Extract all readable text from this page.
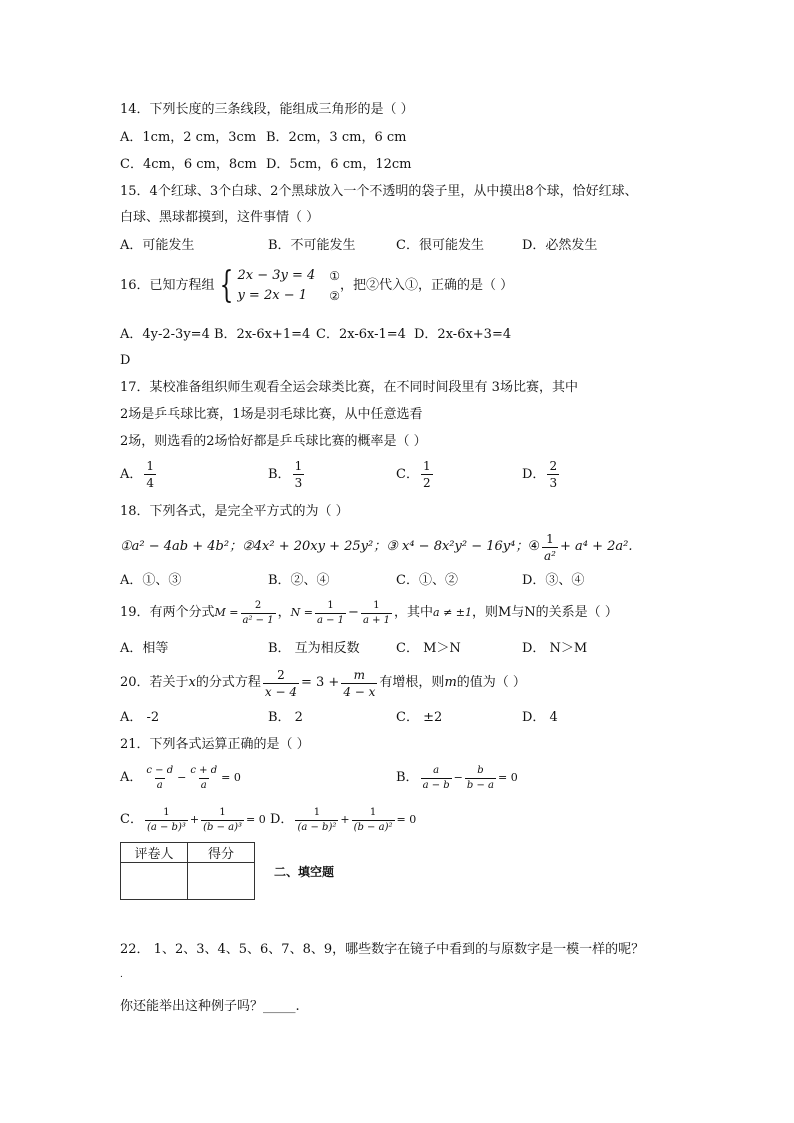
14．下列长度的三条线段，能组成三角形的是（ ）
A．1cm，2 cm，3cm B．2cm，3 cm，6 cm
C．4cm，6 cm，8cm D．5cm，6 cm，12cm
15．4个红球、3个白球、2个黑球放入一个不透明的袋子里，从中摸出8个球，恰好红球、
白球、黑球都摸到，这件事情（ ）
A．可能发生	B．不可能发生	C．很可能发生	D．必然发生
16．已知方程组 { 2x − 3y = 4
y = 2x − 1
①
②
，把②代入①，正确的是（ ）
A．4y-2-3y=4 B．2x-6x+1=4 C．2x-6x-1=4 D．2x-6x+3=4
D
17．某校准备组织师生观看全运会球类比赛，在不同时间段里有 3场比赛，其中
2场是乒乓球比赛，1场是羽毛球比赛，从中任意选看
2场，则选看的2场恰好都是乒乓球比赛的概率是（ ）
A． $\frac{1}{4}$	B． $\frac{1}{3}$	C． $\frac{1}{2}$	D． $\frac{2}{3}$
18．下列各式，是完全平方式的为（ ）
①a² − 4ab + 4b²； ②4x² + 20xy + 25y²； ③ x⁴ − 8x²y² − 16y⁴； ④ $\frac{1}{\text{a²}} + a^4 + 2a^2$.
A．①、③	B．②、④	C．①、②	D．③、④
19．有两个分式 $M = \frac{2}{\text{a² − 1}}$ ， $N = \frac{1}{a - 1} - \frac{1}{a + 1}$ ，其中 a ≠ ±1 ，则M与N的关系是（ ）
A．相等	B． 互为相反数	C． M＞N	D． N＞M
20．若关于 x 的分式方程 $\frac{2}{x - 4} = 3 + \frac{m}{4 - x}$ 有增根，则 m 的值为（ ）
A． -2	B． 2	C． ±2	D． 4
21．下列各式运算正确的是（ ）
A． $\frac{c - d}{a} - \frac{c + d}{a} = 0$	B． $\frac{a}{a - b} - \frac{b}{b - a} = 0$
C． $\frac{1}{\text{(a − b)³}} + \frac{1}{\text{(b − a)³}} = 0$ D． $\frac{1}{\text{(a − b)²}} + \frac{1}{\text{(b − a)²}} = 0$
评卷人	得分

二、填空题
22． 1、2、3、4、5、6、7、8、9，哪些数字在镜子中看到的与原数字是一模一样的呢？
.
你还能举出这种例子吗？_____.
